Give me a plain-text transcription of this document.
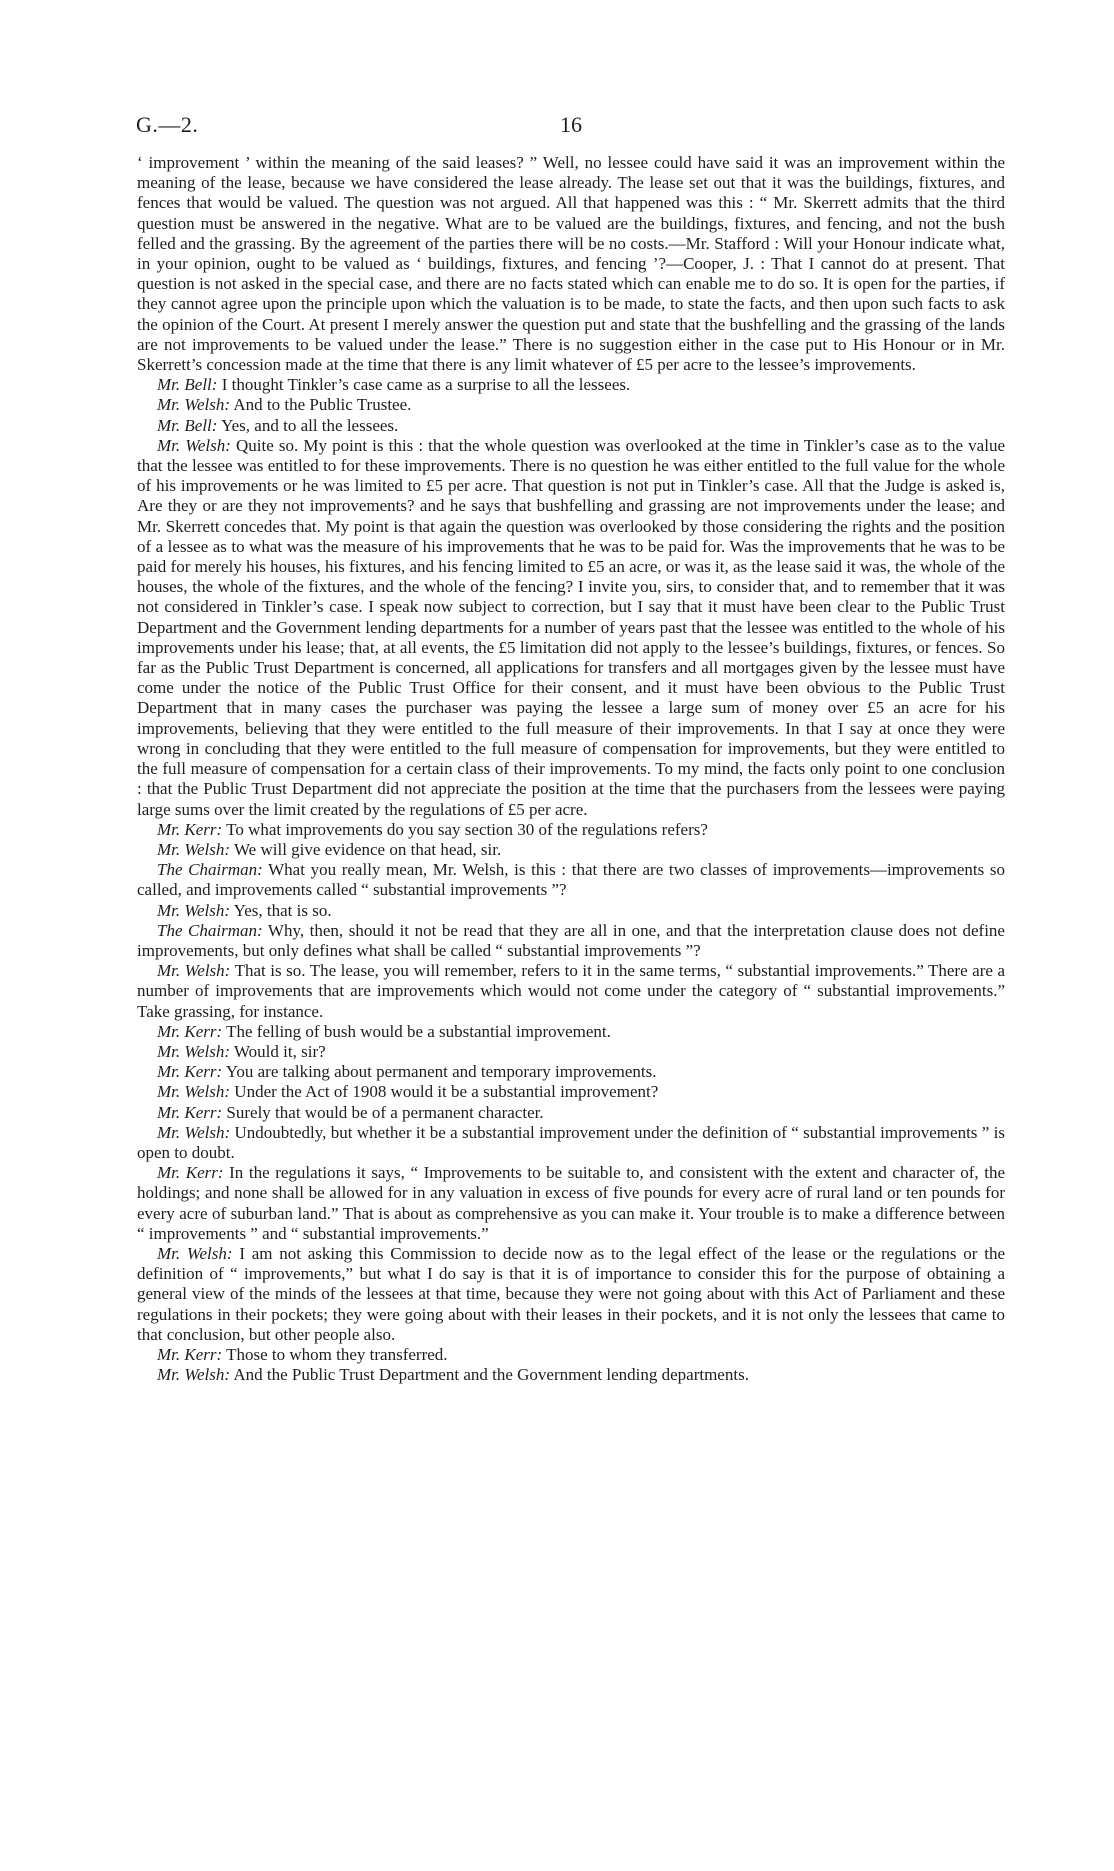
G.—2.	16

‘ improvement ’ within the meaning of the said leases? ” Well, no lessee could have said it was an improvement within the meaning of the lease, because we have considered the lease already. The lease set out that it was the buildings, fixtures, and fences that would be valued. The question was not argued. All that happened was this : “ Mr. Skerrett admits that the third question must be answered in the negative. What are to be valued are the buildings, fixtures, and fencing, and not the bush felled and the grassing. By the agreement of the parties there will be no costs.—Mr. Stafford : Will your Honour indicate what, in your opinion, ought to be valued as ‘ buildings, fixtures, and fencing ’?—Cooper, J. : That I cannot do at present. That question is not asked in the special case, and there are no facts stated which can enable me to do so. It is open for the parties, if they cannot agree upon the principle upon which the valuation is to be made, to state the facts, and then upon such facts to ask the opinion of the Court. At present I merely answer the question put and state that the bushfelling and the grassing of the lands are not improvements to be valued under the lease.” There is no suggestion either in the case put to His Honour or in Mr. Skerrett’s concession made at the time that there is any limit whatever of £5 per acre to the lessee’s improvements.

Mr. Bell: I thought Tinkler’s case came as a surprise to all the lessees.

Mr. Welsh: And to the Public Trustee.

Mr. Bell: Yes, and to all the lessees.

Mr. Welsh: Quite so. My point is this : that the whole question was overlooked at the time in Tinkler’s case as to the value that the lessee was entitled to for these improvements. There is no question he was either entitled to the full value for the whole of his improvements or he was limited to £5 per acre. That question is not put in Tinkler’s case. All that the Judge is asked is, Are they or are they not improvements? and he says that bushfelling and grassing are not improvements under the lease; and Mr. Skerrett concedes that. My point is that again the question was overlooked by those considering the rights and the position of a lessee as to what was the measure of his improvements that he was to be paid for. Was the improvements that he was to be paid for merely his houses, his fixtures, and his fencing limited to £5 an acre, or was it, as the lease said it was, the whole of the houses, the whole of the fixtures, and the whole of the fencing? I invite you, sirs, to consider that, and to remember that it was not considered in Tinkler’s case. I speak now subject to correction, but I say that it must have been clear to the Public Trust Department and the Government lending departments for a number of years past that the lessee was entitled to the whole of his improvements under his lease; that, at all events, the £5 limitation did not apply to the lessee’s buildings, fixtures, or fences. So far as the Public Trust Department is concerned, all applications for transfers and all mortgages given by the lessee must have come under the notice of the Public Trust Office for their consent, and it must have been obvious to the Public Trust Department that in many cases the purchaser was paying the lessee a large sum of money over £5 an acre for his improvements, believing that they were entitled to the full measure of their improvements. In that I say at once they were wrong in concluding that they were entitled to the full measure of compensation for improvements, but they were entitled to the full measure of compensation for a certain class of their improvements. To my mind, the facts only point to one conclusion : that the Public Trust Department did not appreciate the position at the time that the purchasers from the lessees were paying large sums over the limit created by the regulations of £5 per acre.

Mr. Kerr: To what improvements do you say section 30 of the regulations refers?

Mr. Welsh: We will give evidence on that head, sir.

The Chairman: What you really mean, Mr. Welsh, is this : that there are two classes of improvements—improvements so called, and improvements called “ substantial improvements ”?

Mr. Welsh: Yes, that is so.

The Chairman: Why, then, should it not be read that they are all in one, and that the interpretation clause does not define improvements, but only defines what shall be called “ substantial improvements ”?

Mr. Welsh: That is so. The lease, you will remember, refers to it in the same terms, “ substantial improvements.” There are a number of improvements that are improvements which would not come under the category of “ substantial improvements.” Take grassing, for instance.

Mr. Kerr: The felling of bush would be a substantial improvement.

Mr. Welsh: Would it, sir?

Mr. Kerr: You are talking about permanent and temporary improvements.

Mr. Welsh: Under the Act of 1908 would it be a substantial improvement?

Mr. Kerr: Surely that would be of a permanent character.

Mr. Welsh: Undoubtedly, but whether it be a substantial improvement under the definition of “ substantial improvements ” is open to doubt.

Mr. Kerr: In the regulations it says, “ Improvements to be suitable to, and consistent with the extent and character of, the holdings; and none shall be allowed for in any valuation in excess of five pounds for every acre of rural land or ten pounds for every acre of suburban land.” That is about as comprehensive as you can make it. Your trouble is to make a difference between “ improvements ” and “ substantial improvements.”

Mr. Welsh: I am not asking this Commission to decide now as to the legal effect of the lease or the regulations or the definition of “ improvements,” but what I do say is that it is of importance to consider this for the purpose of obtaining a general view of the minds of the lessees at that time, because they were not going about with this Act of Parliament and these regulations in their pockets; they were going about with their leases in their pockets, and it is not only the lessees that came to that conclusion, but other people also.

Mr. Kerr: Those to whom they transferred.

Mr. Welsh: And the Public Trust Department and the Government lending departments.
